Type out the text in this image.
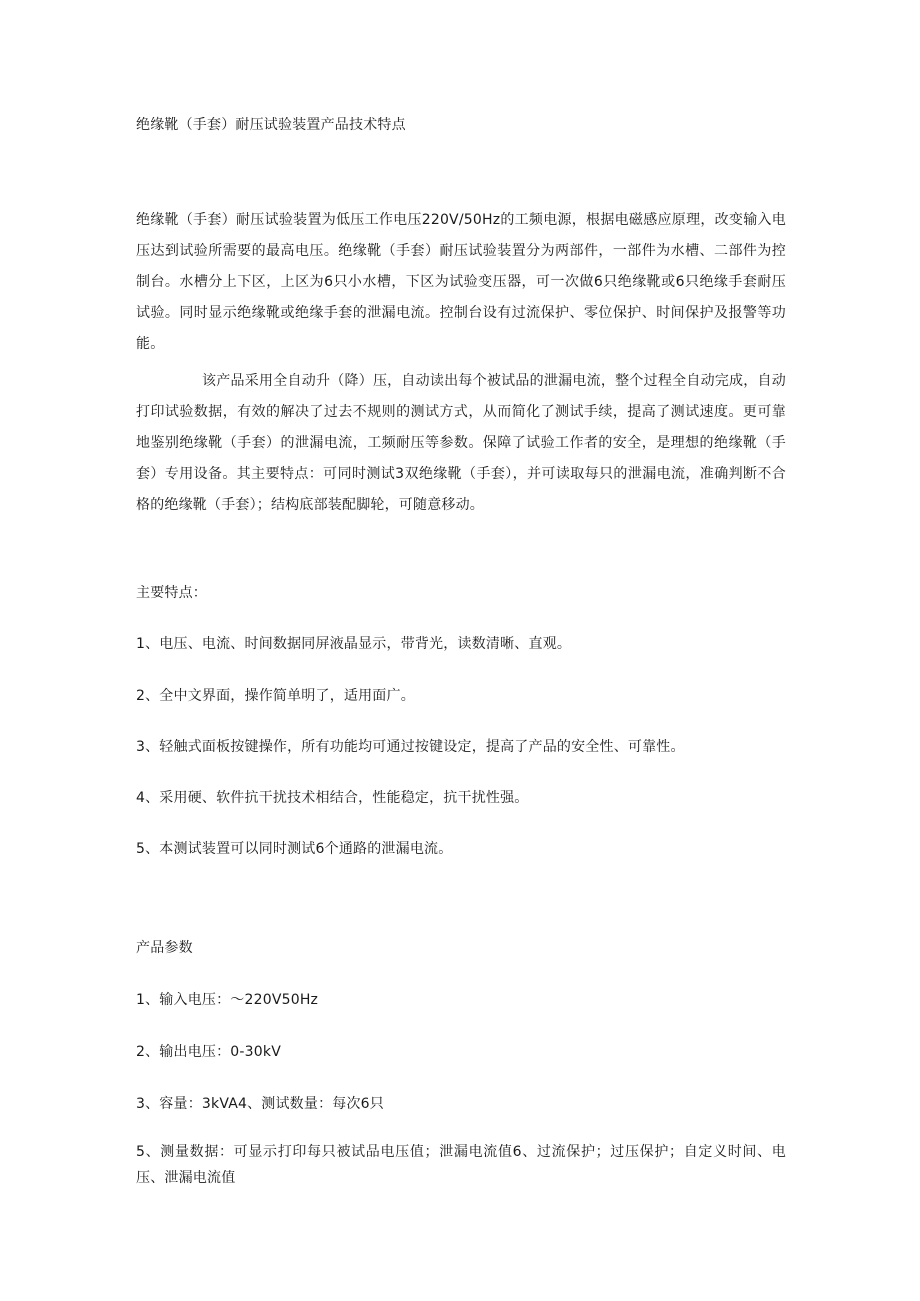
绝缘靴（手套）耐压试验装置产品技术特点
绝缘靴（手套）耐压试验装置为低压工作电压220V/50Hz的工频电源，根据电磁感应原理，改变输入电压达到试验所需要的最高电压。绝缘靴（手套）耐压试验装置分为两部件，一部件为水槽、二部件为控制台。水槽分上下区，上区为6只小水槽，下区为试验变压器，可一次做6只绝缘靴或6只绝缘手套耐压试验。同时显示绝缘靴或绝缘手套的泄漏电流。控制台设有过流保护、零位保护、时间保护及报警等功能。
该产品采用全自动升（降）压，自动读出每个被试品的泄漏电流，整个过程全自动完成，自动打印试验数据，有效的解决了过去不规则的测试方式，从而简化了测试手续，提高了测试速度。更可靠地鉴别绝缘靴（手套）的泄漏电流，工频耐压等参数。保障了试验工作者的安全，是理想的绝缘靴（手套）专用设备。其主要特点：可同时测试3双绝缘靴（手套），并可读取每只的泄漏电流，准确判断不合格的绝缘靴（手套）；结构底部装配脚轮，可随意移动。
主要特点：
1、电压、电流、时间数据同屏液晶显示，带背光，读数清晰、直观。
2、全中文界面，操作简单明了，适用面广。
3、轻触式面板按键操作，所有功能均可通过按键设定，提高了产品的安全性、可靠性。
4、采用硬、软件抗干扰技术相结合，性能稳定，抗干扰性强。
5、本测试装置可以同时测试6个通路的泄漏电流。
产品参数
1、输入电压：～220V50Hz
2、输出电压：0-30kV
3、容量：3kVA4、测试数量：每次6只
5、测量数据：可显示打印每只被试品电压值；泄漏电流值6、过流保护；过压保护；自定义时间、电压、泄漏电流值
